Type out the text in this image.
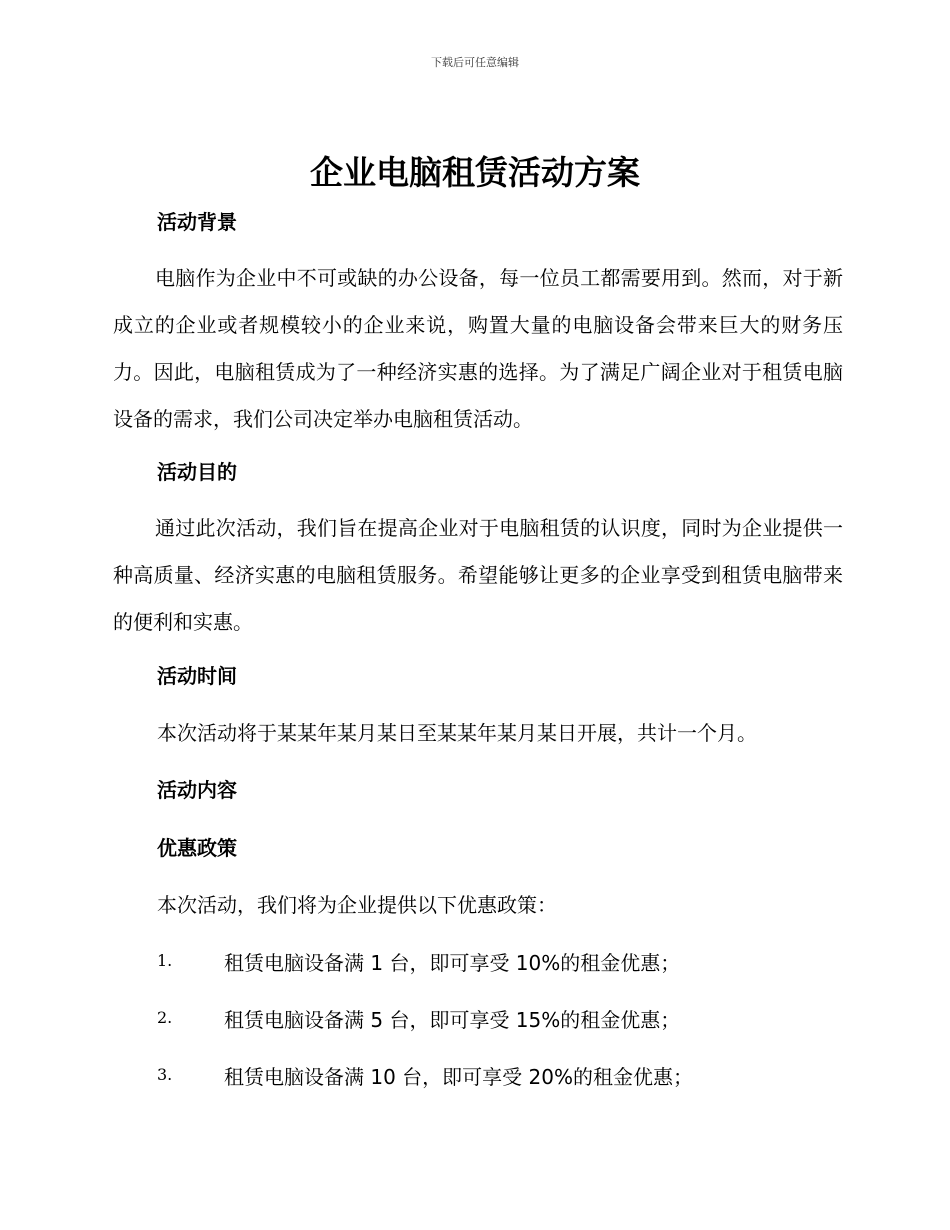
下载后可任意编辑
企业电脑租赁活动方案
活动背景

电脑作为企业中不可或缺的办公设备，每一位员工都需要用到。然而，对于新成立的企业或者规模较小的企业来说，购置大量的电脑设备会带来巨大的财务压力。因此，电脑租赁成为了一种经济实惠的选择。为了满足广阔企业对于租赁电脑设备的需求，我们公司决定举办电脑租赁活动。

活动目的

通过此次活动，我们旨在提高企业对于电脑租赁的认识度，同时为企业提供一种高质量、经济实惠的电脑租赁服务。希望能够让更多的企业享受到租赁电脑带来的便利和实惠。

活动时间

本次活动将于某某年某月某日至某某年某月某日开展，共计一个月。

活动内容
优惠政策

本次活动，我们将为企业提供以下优惠政策：

1.	租赁电脑设备满 1 台，即可享受 10%的租金优惠；
2.	租赁电脑设备满 5 台，即可享受 15%的租金优惠；
3.	租赁电脑设备满 10 台，即可享受 20%的租金优惠；
